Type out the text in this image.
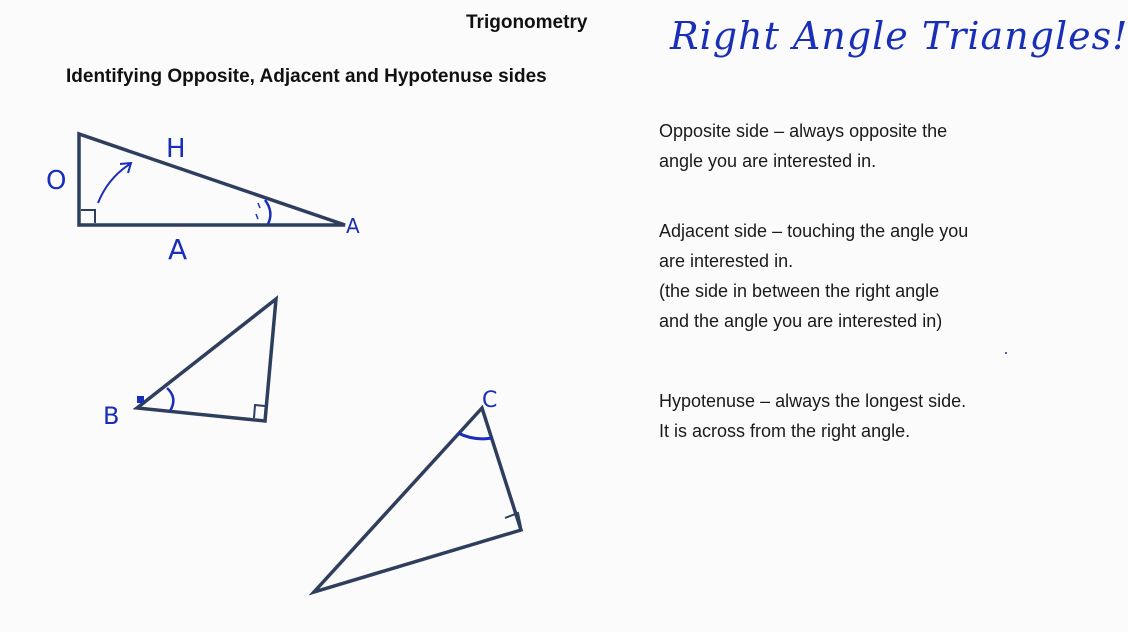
Trigonometry
Identifying Opposite, Adjacent and Hypotenuse sides
Right Angle Triangles!

Opposite side – always opposite the

angle you are interested in.

Adjacent side – touching the angle you

are interested in.

(the side in between the right angle

and the angle you are interested in)

Hypotenuse – always the longest side.

It is across from the right angle.

O
H
A
A
B
C
